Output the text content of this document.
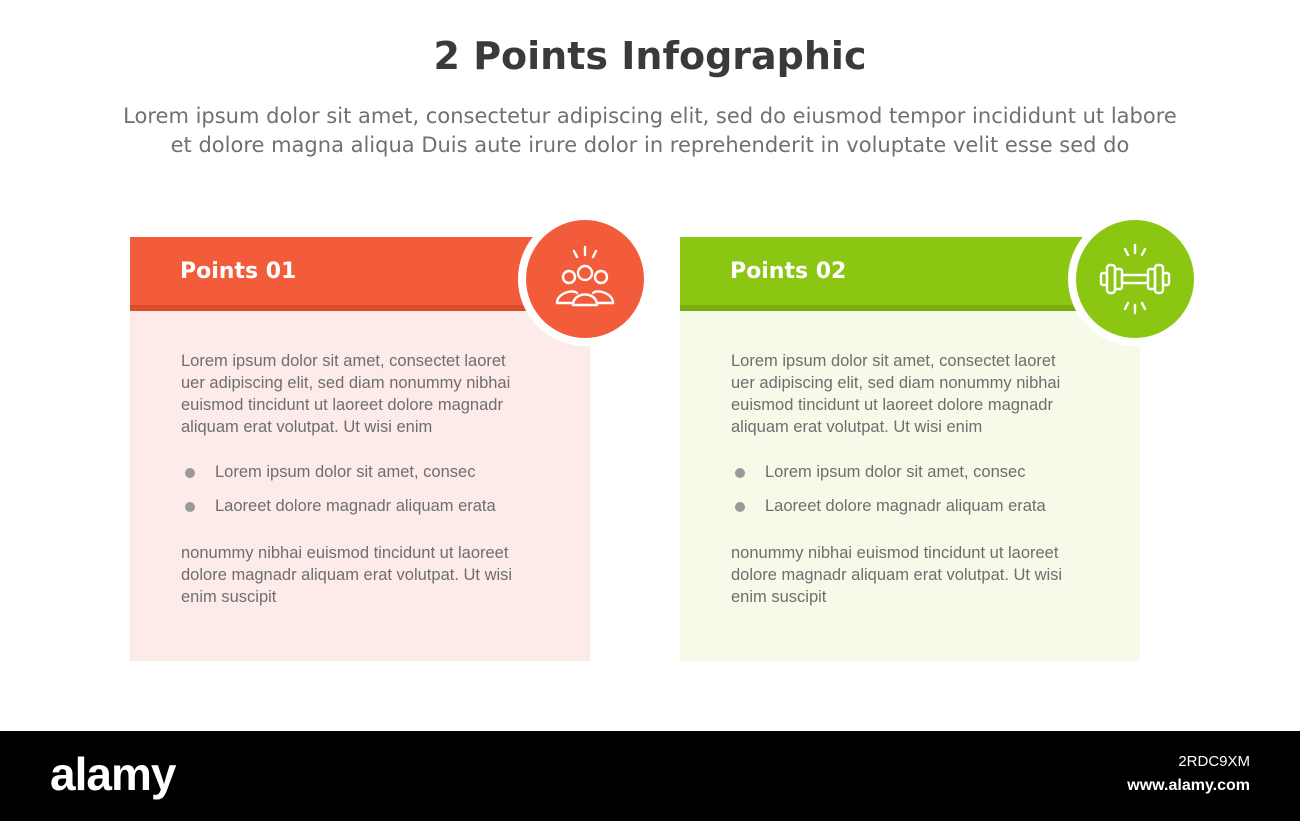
2 Points Infographic
Lorem ipsum dolor sit amet, consectetur adipiscing elit, sed do eiusmod tempor incididunt ut labore
et dolore magna aliqua Duis aute irure dolor in reprehenderit in voluptate velit esse sed do
Points 01
Lorem ipsum dolor sit amet, consectet laoret
uer adipiscing elit, sed diam nonummy nibhai
euismod tincidunt ut laoreet dolore magnadr
aliquam erat volutpat. Ut wisi enim
Lorem ipsum dolor sit amet, consec
Laoreet dolore magnadr aliquam erata
nonummy nibhai euismod tincidunt ut laoreet
dolore magnadr aliquam erat volutpat. Ut wisi
enim suscipit
Points 02
Lorem ipsum dolor sit amet, consectet laoret
uer adipiscing elit, sed diam nonummy nibhai
euismod tincidunt ut laoreet dolore magnadr
aliquam erat volutpat. Ut wisi enim
Lorem ipsum dolor sit amet, consec
Laoreet dolore magnadr aliquam erata
nonummy nibhai euismod tincidunt ut laoreet
dolore magnadr aliquam erat volutpat. Ut wisi
enim suscipit
alamy	2RDC9XM
www.alamy.com
